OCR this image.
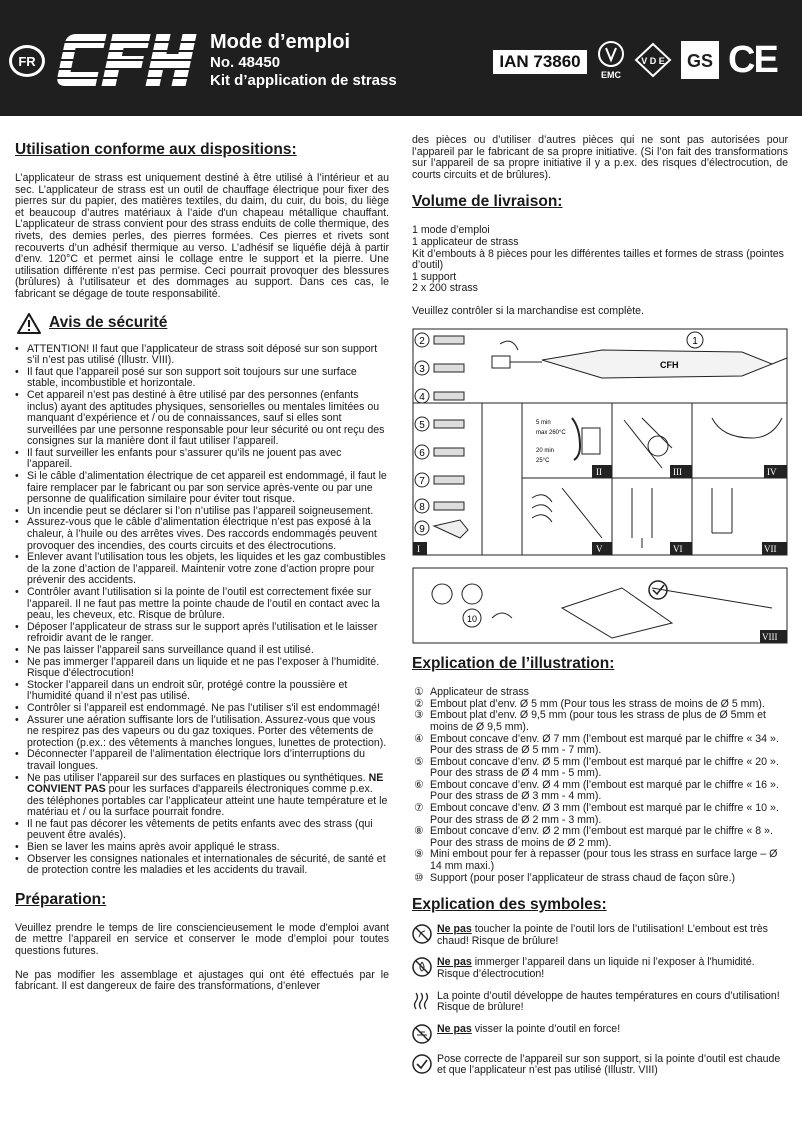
FR
Mode d’emploi
No. 48450
Kit d’application de strass
IAN 73860
EMC
V D E GS CE
Utilisation conforme aux dispositions:

L’applicateur de strass est uniquement destiné à être utilisé à l’intérieur et au sec. L’applicateur de strass est un outil de chauffage électrique pour fixer des pierres sur du papier, des matières textiles, du daim, du cuir, du bois, du liège et beaucoup d’autres matériaux à l’aide d'un chapeau métallique chauffant. L’applicateur de strass convient pour des strass enduits de colle thermique, des rivets, des demies perles, des pierres formées. Ces pierres et rivets sont recouverts d’un adhésif thermique au verso. L’adhésif se liquéfie déjà à partir d’env. 120°C et permet ainsi le collage entre le support et la pierre. Une utilisation différente n’est pas permise. Ceci pourrait provoquer des blessures (brûlures) à l’utilisateur et des dommages au support. Dans ces cas, le fabricant se dégage de toute responsabilité.

Avis de sécurité
• ATTENTION! Il faut que l’applicateur de strass soit déposé sur son support s’il n’est pas utilisé (Illustr. VIII).
• Il faut que l’appareil posé sur son support soit toujours sur une surface stable, incombustible et horizontale.
• Cet appareil n’est pas destiné à être utilisé par des personnes (enfants inclus) ayant des aptitudes physiques, sensorielles ou mentales limitées ou manquant d’expérience et / ou de connaissances, sauf si elles sont surveillées par une personne responsable pour leur sécurité ou ont reçu des consignes sur la manière dont il faut utiliser l’appareil.
• Il faut surveiller les enfants pour s’assurer qu’ils ne jouent pas avec l’appareil.
• Si le câble d’alimentation électrique de cet appareil est endommagé, il faut le faire remplacer par le fabricant ou par son service après-vente ou par une personne de qualification similaire pour éviter tout risque.
• Un incendie peut se déclarer si l’on n’utilise pas l’appareil soigneusement.
• Assurez-vous que le câble d’alimentation électrique n’est pas exposé à la chaleur, à l’huile ou des arrêtes vives. Des raccords endommagés peuvent provoquer des incendies, des courts circuits et des électrocutions.
• Enlever avant l’utilisation tous les objets, les liquides et les gaz combustibles de la zone d’action de l’appareil. Maintenir votre zone d’action propre pour prévenir des accidents.
• Contrôler avant l’utilisation si la pointe de l’outil est correctement fixée sur l’appareil. Il ne faut pas mettre la pointe chaude de l’outil en contact avec la peau, les cheveux, etc. Risque de brûlure.
• Déposer l’applicateur de strass sur le support après l’utilisation et le laisser refroidir avant de le ranger.
• Ne pas laisser l’appareil sans surveillance quand il est utilisé.
• Ne pas immerger l’appareil dans un liquide et ne pas l’exposer à l’humidité. Risque d'électrocution!
• Stocker l’appareil dans un endroit sûr, protégé contre la poussière et l’humidité quand il n’est pas utilisé.
• Contrôler si l’appareil est endommagé. Ne pas l’utiliser s'il est endommagé!
• Assurer une aération suffisante lors de l’utilisation. Assurez-vous que vous ne respirez pas des vapeurs ou du gaz toxiques. Porter des vêtements de protection (p.ex.: des vêtements à manches longues, lunettes de protection).
• Déconnecter l’appareil de l’alimentation électrique lors d’interruptions du travail longues.
• Ne pas utiliser l’appareil sur des surfaces en plastiques ou synthétiques. NE CONVIENT PAS pour les surfaces d'appareils électroniques comme p.ex. des téléphones portables car l’applicateur atteint une haute température et le matériau et / ou la surface pourrait fondre.
• Il ne faut pas décorer les vêtements de petits enfants avec des strass (qui peuvent être avalés).
• Bien se laver les mains après avoir appliqué le strass.
• Observer les consignes nationales et internationales de sécurité, de santé et de protection contre les maladies et les accidents du travail.
Préparation:

Veuillez prendre le temps de lire consciencieusement le mode d'emploi avant de mettre l’appareil en service et conserver le mode d’emploi pour toutes questions futures.

Ne pas modifier les assemblage et ajustages qui ont été effectués par le fabricant. Il est dangereux de faire des transformations, d’enlever

des pièces ou d’utiliser d’autres pièces qui ne sont pas autorisées pour l’appareil par le fabricant de sa propre initiative. (Si l’on fait des transformations sur l’appareil de sa propre initiative il y a p.ex. des risques d’électrocution, de courts circuits et de brûlures).

Volume de livraison:
1 mode d’emploi
1 applicateur de strass
Kit d’embouts à 8 pièces pour les différentes tailles et formes de strass (pointes d’outil)
1 support
2 x 200 strass

Veuillez contrôler si la marchandise est complète.

1
CFH
2
3
4
5
6
7
8
9
5 min
max 260°C
20 min
25°C
I
II	III	IV
V	VI	VII
VIII
10
Explication de l’illustration:
① Applicateur de strass
② Embout plat d’env. Ø 5 mm (Pour tous les strass de moins de Ø 5 mm).
③ Embout plat d’env. Ø 9,5 mm (pour tous les strass de plus de Ø 5mm et moins de Ø 9,5 mm).
④ Embout concave d’env. Ø 7 mm (l’embout est marqué par le chiffre « 34 ». Pour des strass de Ø 5 mm - 7 mm).
⑤ Embout concave d’env. Ø 5 mm (l’embout est marqué par le chiffre « 20 ». Pour des strass de Ø 4 mm - 5 mm).
⑥ Embout concave d’env. Ø 4 mm (l’embout est marqué par le chiffre « 16 ». Pour des strass de Ø 3 mm - 4 mm).
⑦ Embout concave d’env. Ø 3 mm (l’embout est marqué par le chiffre « 10 ». Pour des strass de Ø 2 mm - 3 mm).
⑧ Embout concave d’env. Ø 2 mm (l’embout est marqué par le chiffre « 8 ». Pour des strass de moins de Ø 2 mm).
⑨ Mini embout pour fer à repasser (pour tous les strass en surface large – Ø 14 mm maxi.)
⑩ Support (pour poser l’applicateur de strass chaud de façon sûre.)
Explication des symboles:
Ne pas toucher la pointe de l’outil lors de l’utilisation! L’embout est très chaud! Risque de brûlure!
Ne pas immerger l’appareil dans un liquide ni l’exposer à l'humidité. Risque d’électrocution!
La pointe d’outil développe de hautes températures en cours d’utilisation! Risque de brûlure!
Ne pas visser la pointe d’outil en force!
Pose correcte de l’appareil sur son support, si la pointe d’outil est chaude et que l’applicateur n’est pas utilisé (Illustr. VIII)
